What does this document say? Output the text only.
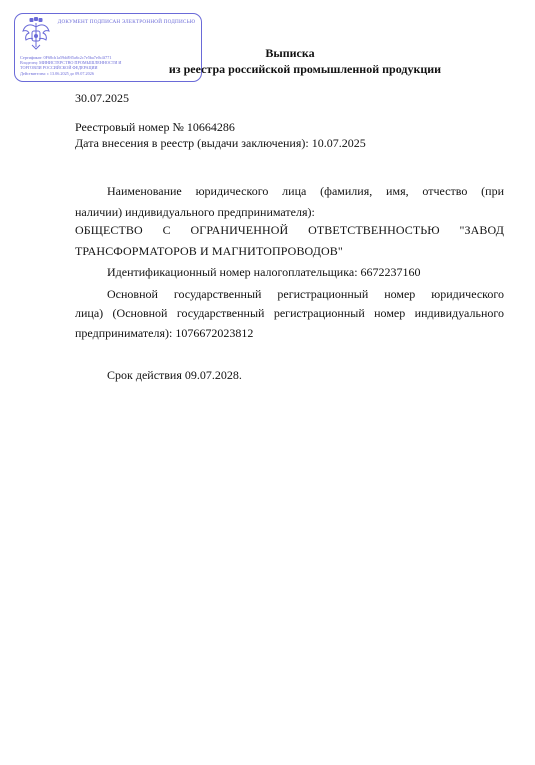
ДОКУМЕНТ ПОДПИСАН ЭЛЕКТРОННОЙ ПОДПИСЬЮ
Сертификат: 0F68cb1a59dd9f5a6c2c7e5ba7e0c4f771
Владелец: МИНИСТЕРСТВО ПРОМЫШЛЕННОСТИ И
ТОРГОВЛИ РОССИЙСКОЙ ФЕДЕРАЦИИ
Действителен: с 13.06.2025 до 09.07.2026
Выписка
из реестра российской промышленной продукции
30.07.2025
Реестровый номер № 10664286
Дата внесения в реестр (выдачи заключения): 10.07.2025
Наименование юридического лица (фамилия, имя, отчество (при
наличии) индивидуального предпринимателя):
ОБЩЕСТВО С ОГРАНИЧЕННОЙ ОТВЕТСТВЕННОСТЬЮ "ЗАВОД
ТРАНСФОРМАТОРОВ И МАГНИТОПРОВОДОВ"
Идентификационный номер налогоплательщика: 6672237160
Основной государственный регистрационный номер юридического
лица) (Основной государственный регистрационный номер индивидуального
предпринимателя): 1076672023812
Срок действия 09.07.2028.
